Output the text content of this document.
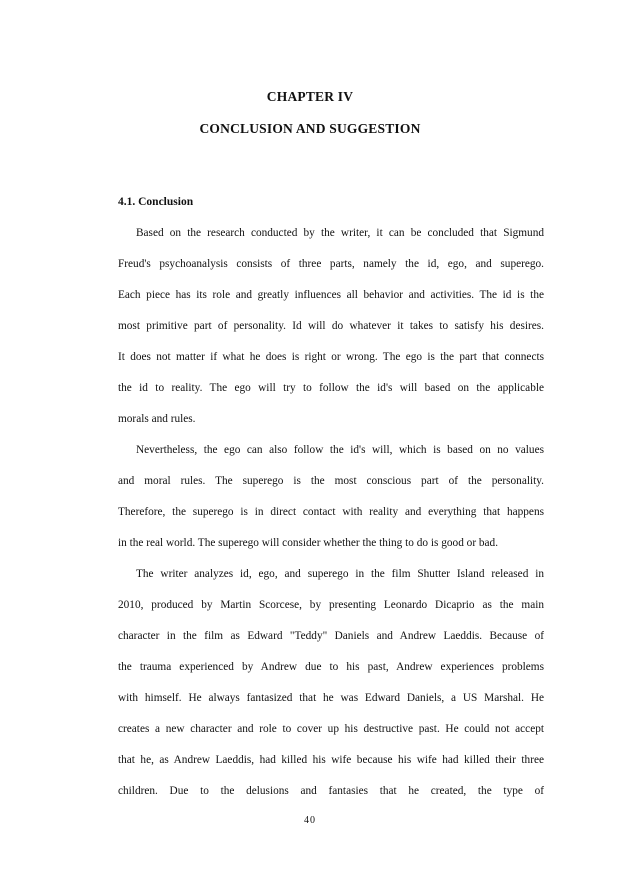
CHAPTER IV
CONCLUSION AND SUGGESTION
4.1. Conclusion
Based on the research conducted by the writer, it can be concluded that Sigmund
Freud's psychoanalysis consists of three parts, namely the id, ego, and superego.
Each piece has its role and greatly influences all behavior and activities. The id is the
most primitive part of personality. Id will do whatever it takes to satisfy his desires.
It does not matter if what he does is right or wrong. The ego is the part that connects
the id to reality. The ego will try to follow the id's will based on the applicable
morals and rules.
Nevertheless, the ego can also follow the id's will, which is based on no values
and moral rules. The superego is the most conscious part of the personality.
Therefore, the superego is in direct contact with reality and everything that happens
in the real world. The superego will consider whether the thing to do is good or bad.
The writer analyzes id, ego, and superego in the film Shutter Island released in
2010, produced by Martin Scorcese, by presenting Leonardo Dicaprio as the main
character in the film as Edward "Teddy" Daniels and Andrew Laeddis. Because of
the trauma experienced by Andrew due to his past, Andrew experiences problems
with himself. He always fantasized that he was Edward Daniels, a US Marshal. He
creates a new character and role to cover up his destructive past. He could not accept
that he, as Andrew Laeddis, had killed his wife because his wife had killed their three
children. Due to the delusions and fantasies that he created, the type of
40
